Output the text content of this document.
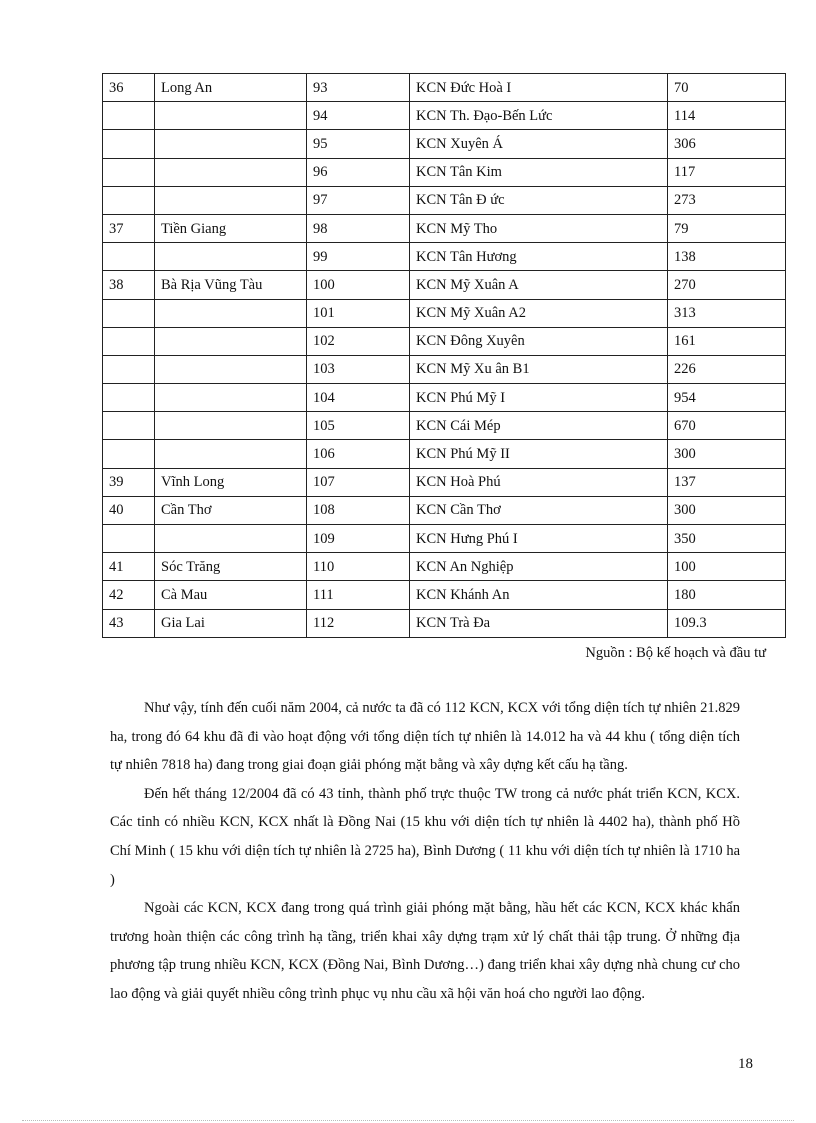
36	Long An	93	KCN Đức Hoà I	70
		94	KCN Th. Đạo-Bến Lức	114
		95	KCN Xuyên Á	306
		96	KCN Tân Kim	117
		97	KCN Tân Đ ức	273
37	Tiền Giang	98	KCN Mỹ Tho	79
		99	KCN Tân Hương	138
38	Bà Rịa Vũng Tàu	100	KCN Mỹ Xuân A	270
		101	KCN Mỹ Xuân A2	313
		102	KCN Đông Xuyên	161
		103	KCN Mỹ Xu ân B1	226
		104	KCN Phú Mỹ I	954
		105	KCN Cái Mép	670
		106	KCN Phú Mỹ II	300
39	Vĩnh Long	107	KCN Hoà Phú	137
40	Cần Thơ	108	KCN Cần Thơ	300
		109	KCN Hưng Phú I	350
41	Sóc Trăng	110	KCN An Nghiệp	100
42	Cà Mau	111	KCN Khánh An	180
43	Gia Lai	112	KCN Trà Đa	109.3
Nguồn : Bộ kế hoạch và đầu tư

Như vậy, tính đến cuối năm 2004, cả nước ta đã có 112 KCN, KCX với tổng diện tích tự nhiên 21.829 ha, trong đó 64 khu đã đi vào hoạt động với tổng diện tích tự nhiên là 14.012 ha và 44 khu ( tổng diện tích tự nhiên 7818 ha) đang trong giai đoạn giải phóng mặt bằng và xây dựng kết cấu hạ tầng.

Đến hết tháng 12/2004 đã có 43 tỉnh, thành phố trực thuộc TW trong cả nước phát triển KCN, KCX. Các tỉnh có nhiều KCN, KCX nhất là Đồng Nai (15 khu với diện tích tự nhiên là 4402 ha), thành phố Hồ Chí Minh ( 15 khu với diện tích tự nhiên là 2725 ha), Bình Dương ( 11 khu với diện tích tự nhiên là 1710 ha )

Ngoài các KCN, KCX đang trong quá trình giải phóng mặt bằng, hầu hết các KCN, KCX khác khẩn trương hoàn thiện các công trình hạ tầng, triển khai xây dựng trạm xử lý chất thải tập trung. Ở những địa phương tập trung nhiều KCN, KCX (Đồng Nai, Bình Dương…) đang triển khai xây dựng nhà chung cư cho lao động và giải quyết nhiều công trình phục vụ nhu cầu xã hội văn hoá cho người lao động.

18
